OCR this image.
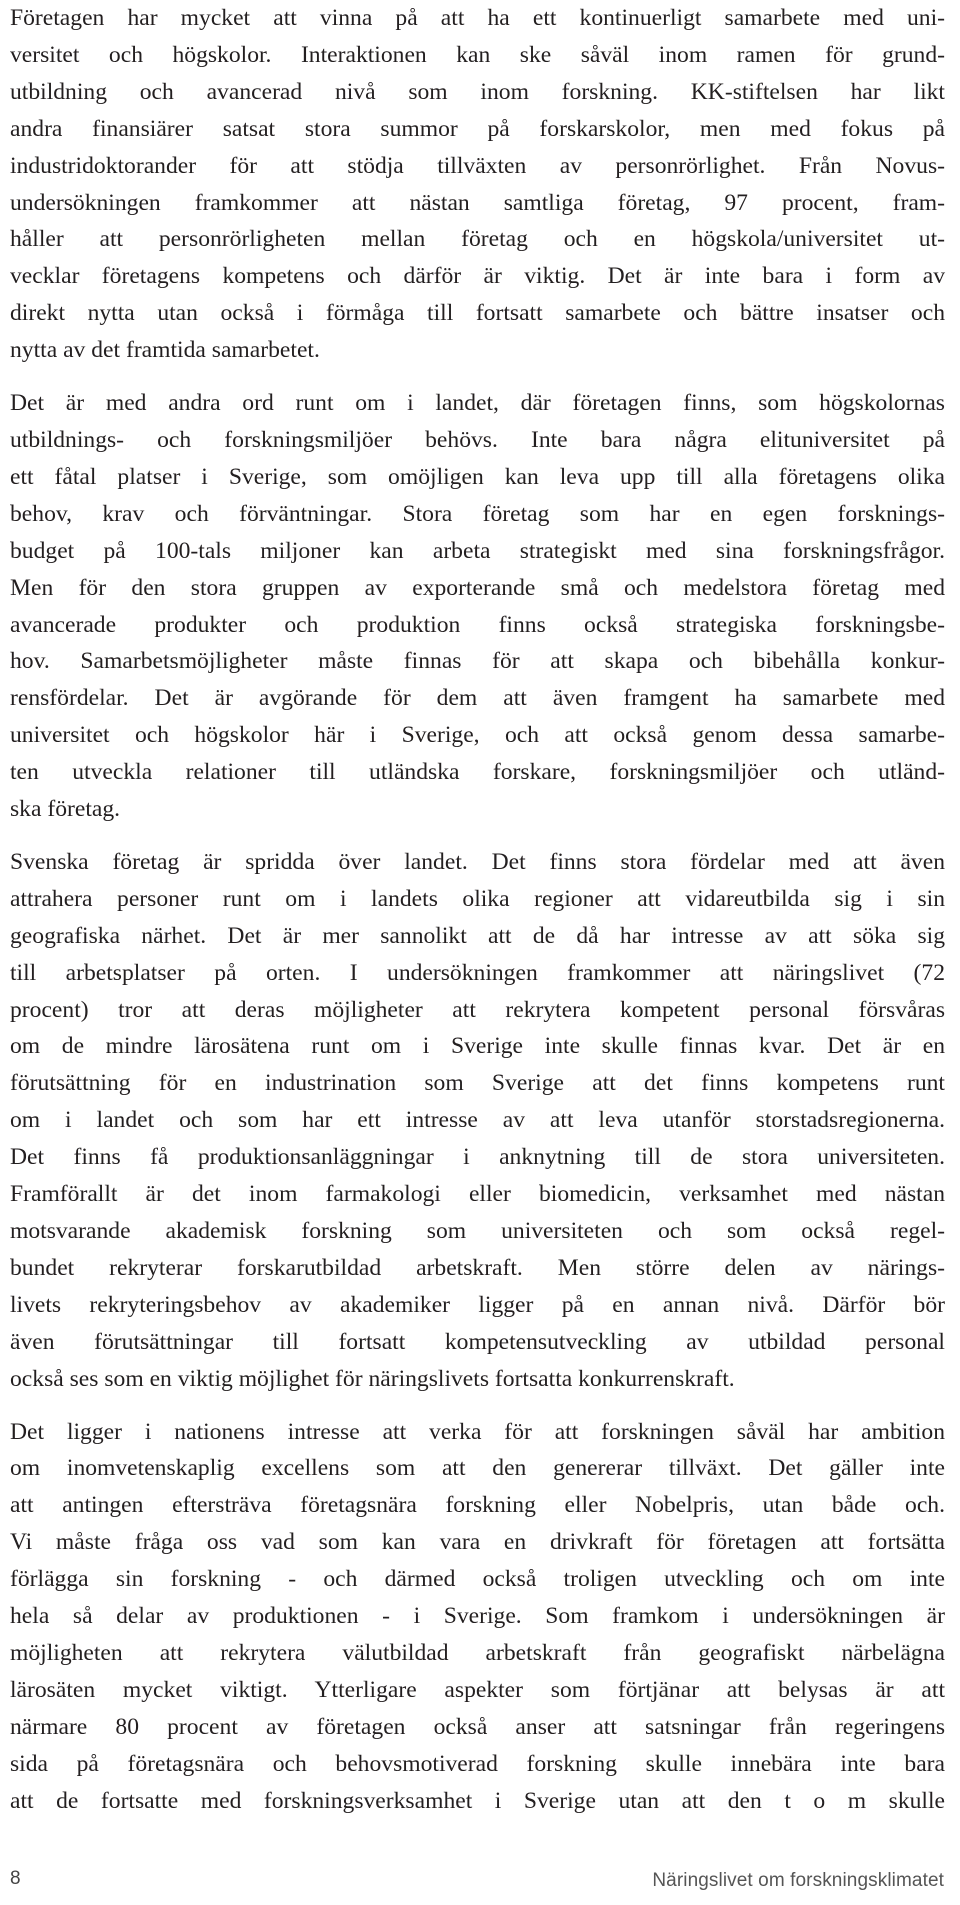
Företagen har mycket att vinna på att ha ett kontinuerligt samarbete med uni-
versitet och högskolor. Interaktionen kan ske såväl inom ramen för grund-
utbildning och avancerad nivå som inom forskning. KK-stiftelsen har likt
andra finansiärer satsat stora summor på forskarskolor, men med fokus på
industridoktorander för att stödja tillväxten av personrörlighet. Från Novus-
undersökningen framkommer att nästan samtliga företag, 97 procent, fram-
håller att personrörligheten mellan företag och en högskola/universitet ut-
vecklar företagens kompetens och därför är viktig. Det är inte bara i form av
direkt nytta utan också i förmåga till fortsatt samarbete och bättre insatser och
nytta av det framtida samarbetet.

Det är med andra ord runt om i landet, där företagen finns, som högskolornas
utbildnings- och forskningsmiljöer behövs. Inte bara några elituniversitet på
ett fåtal platser i Sverige, som omöjligen kan leva upp till alla företagens olika
behov, krav och förväntningar. Stora företag som har en egen forsknings-
budget på 100-tals miljoner kan arbeta strategiskt med sina forskningsfrågor.
Men för den stora gruppen av exporterande små och medelstora företag med
avancerade produkter och produktion finns också strategiska forskningsbe-
hov. Samarbetsmöjligheter måste finnas för att skapa och bibehålla konkur-
rensfördelar. Det är avgörande för dem att även framgent ha samarbete med
universitet och högskolor här i Sverige, och att också genom dessa samarbe-
ten utveckla relationer till utländska forskare, forskningsmiljöer och utländ-
ska företag.

Svenska företag är spridda över landet. Det finns stora fördelar med att även
attrahera personer runt om i landets olika regioner att vidareutbilda sig i sin
geografiska närhet. Det är mer sannolikt att de då har intresse av att söka sig
till arbetsplatser på orten. I undersökningen framkommer att näringslivet (72
procent) tror att deras möjligheter att rekrytera kompetent personal försvåras
om de mindre lärosätena runt om i Sverige inte skulle finnas kvar. Det är en
förutsättning för en industrination som Sverige att det finns kompetens runt
om i landet och som har ett intresse av att leva utanför storstadsregionerna.
Det finns få produktionsanläggningar i anknytning till de stora universiteten.
Framförallt är det inom farmakologi eller biomedicin, verksamhet med nästan
motsvarande akademisk forskning som universiteten och som också regel-
bundet rekryterar forskarutbildad arbetskraft. Men större delen av närings-
livets rekryteringsbehov av akademiker ligger på en annan nivå. Därför bör
även förutsättningar till fortsatt kompetensutveckling av utbildad personal
också ses som en viktig möjlighet för näringslivets fortsatta konkurrenskraft.

Det ligger i nationens intresse att verka för att forskningen såväl har ambition
om inomvetenskaplig excellens som att den genererar tillväxt. Det gäller inte
att antingen eftersträva företagsnära forskning eller Nobelpris, utan både och.
Vi måste fråga oss vad som kan vara en drivkraft för företagen att fortsätta
förlägga sin forskning - och därmed också troligen utveckling och om inte
hela så delar av produktionen - i Sverige. Som framkom i undersökningen är
möjligheten att rekrytera välutbildad arbetskraft från geografiskt närbelägna
lärosäten mycket viktigt. Ytterligare aspekter som förtjänar att belysas är att
närmare 80 procent av företagen också anser att satsningar från regeringens
sida på företagsnära och behovsmotiverad forskning skulle innebära inte bara
att de fortsatte med forskningsverksamhet i Sverige utan att den t o m skulle

8	Näringslivet om forskningsklimatet
